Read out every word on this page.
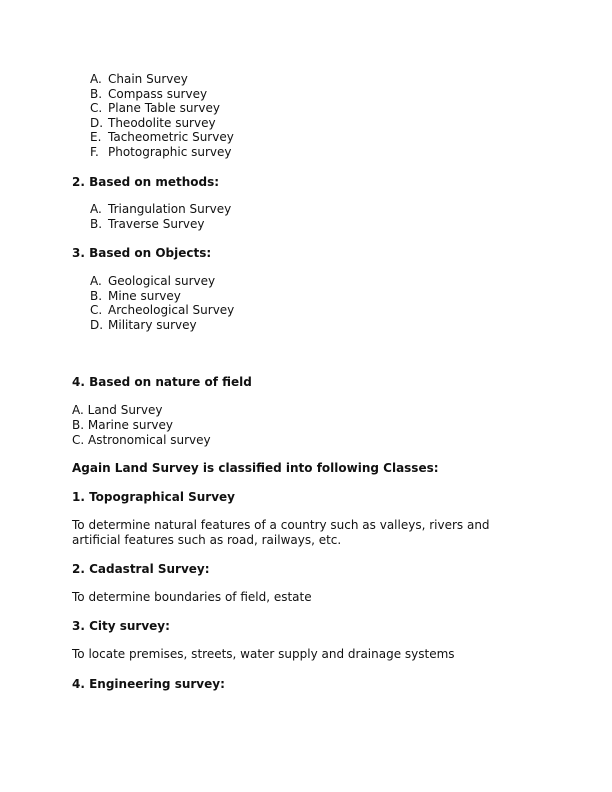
A. Chain Survey
B. Compass survey
C. Plane Table survey
D. Theodolite survey
E. Tacheometric Survey
F. Photographic survey
2. Based on methods:
A. Triangulation Survey
B. Traverse Survey
3. Based on Objects:
A. Geological survey
B. Mine survey
C. Archeological Survey
D. Military survey
4. Based on nature of field
A. Land Survey
B. Marine survey
C. Astronomical survey
Again Land Survey is classified into following Classes:
1. Topographical Survey
To determine natural features of a country such as valleys, rivers and
artificial features such as road, railways, etc.
2. Cadastral Survey:
To determine boundaries of field, estate
3. City survey:
To locate premises, streets, water supply and drainage systems
4. Engineering survey:
